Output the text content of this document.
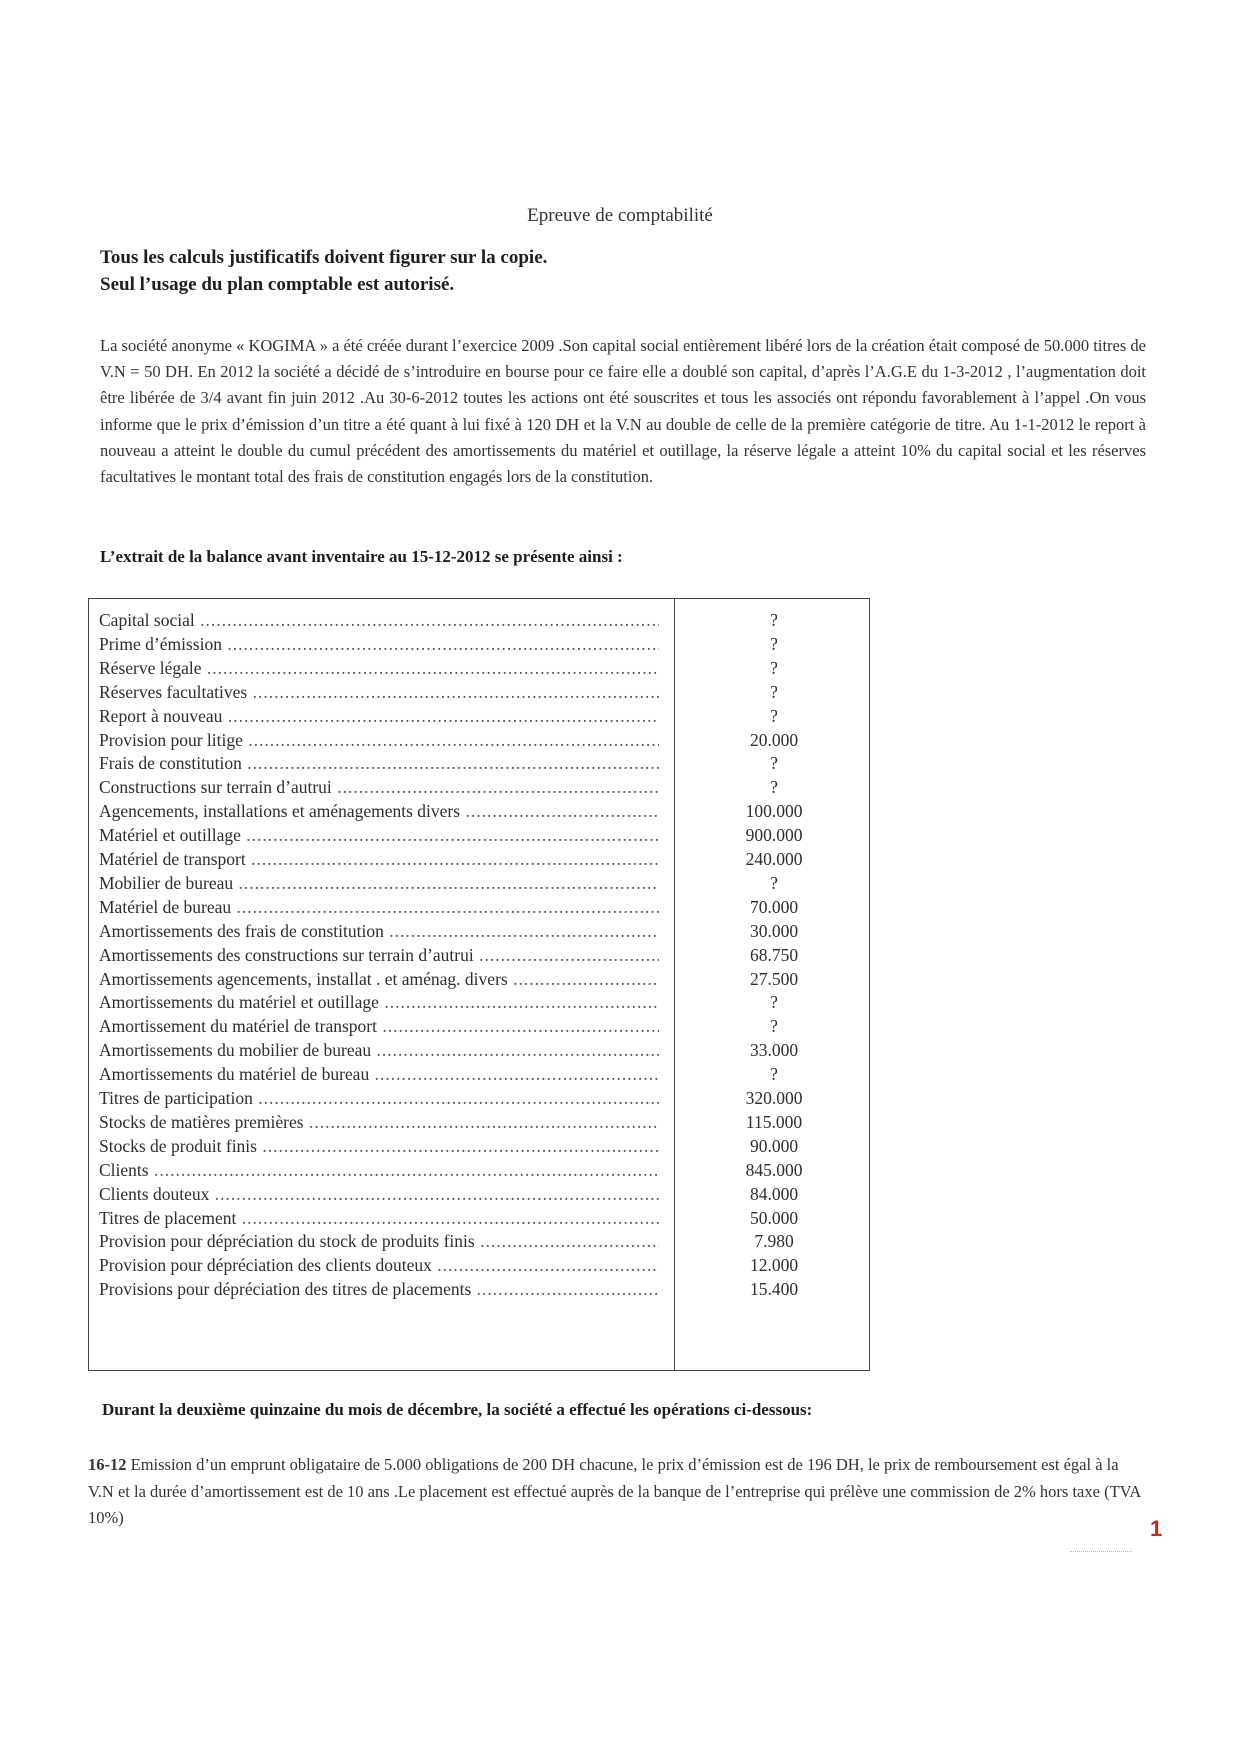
Epreuve de comptabilité
Tous les calculs justificatifs doivent figurer sur la copie.
Seul l’usage du plan comptable est autorisé.
La société anonyme « KOGIMA » a été créée durant l’exercice 2009 .Son capital social entièrement libéré lors de la création était composé de 50.000 titres de V.N = 50 DH. En 2012 la société a décidé de s’introduire en bourse pour ce faire elle a doublé son capital, d’après l’A.G.E du 1-3-2012 , l’augmentation doit être libérée de 3/4 avant fin juin 2012 .Au 30-6-2012 toutes les actions ont été souscrites et tous les associés ont répondu favorablement à l’appel .On vous informe que le prix d’émission d’un titre a été quant à lui fixé à 120 DH et la V.N au double de celle de la première catégorie de titre. Au 1-1-2012 le report à nouveau a atteint le double du cumul précédent des amortissements du matériel et outillage, la réserve légale a atteint 10% du capital social et les réserves facultatives le montant total des frais de constitution engagés lors de la constitution.
L’extrait de la balance avant inventaire au 15-12-2012 se présente ainsi :
Capital social .....	?
Prime d’émission .....	?
Réserve légale .....	?
Réserves facultatives .....	?
Report à nouveau .....	?
Provision pour litige .....	20.000
Frais de constitution .....	?
Constructions sur terrain d’autrui .....	?
Agencements, installations et aménagements divers .....	100.000
Matériel et outillage .....	900.000
Matériel de transport .....	240.000
Mobilier de bureau .....	?
Matériel de bureau .....	70.000
Amortissements des frais de constitution .....	30.000
Amortissements des constructions sur terrain d’autrui .....	68.750
Amortissements agencements, installat . et aménag. divers .....	27.500
Amortissements du matériel et outillage .....	?
Amortissement du matériel de transport .....	?
Amortissements du mobilier de bureau .....	33.000
Amortissements du matériel de bureau .....	?
Titres de participation .....	320.000
Stocks de matières premières .....	115.000
Stocks de produit finis .....	90.000
Clients .....	845.000
Clients douteux .....	84.000
Titres de placement .....	50.000
Provision pour dépréciation du stock de produits finis .....	7.980
Provision pour dépréciation des clients douteux .....	12.000
Provisions pour dépréciation des titres de placements .....	15.400
Durant la deuxième quinzaine du mois de décembre, la société a effectué les opérations ci-dessous:
16-12 Emission d’un emprunt obligataire de 5.000 obligations de 200 DH chacune, le prix d’émission est de 196 DH, le prix de remboursement est égal à la V.N et la durée d’amortissement est de 10 ans .Le placement est effectué auprès de la banque de l’entreprise qui prélève une commission de 2% hors taxe (TVA 10%)	1
